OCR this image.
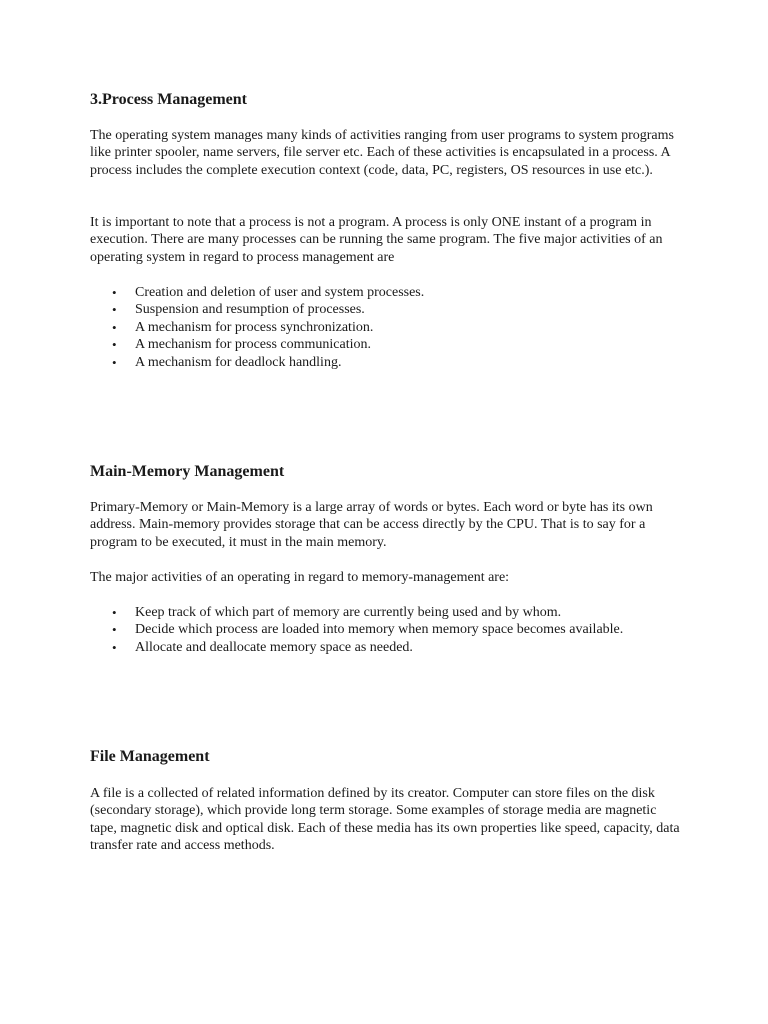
3.Process Management

The operating system manages many kinds of activities ranging from user programs to system programs like printer spooler, name servers, file server etc. Each of these activities is encapsulated in a process. A process includes the complete execution context (code, data, PC, registers, OS resources in use etc.).

It is important to note that a process is not a program. A process is only ONE instant of a program in execution. There are many processes can be running the same program. The five major activities of an operating system in regard to process management are

• Creation and deletion of user and system processes.
• Suspension and resumption of processes.
• A mechanism for process synchronization.
• A mechanism for process communication.
• A mechanism for deadlock handling.
Main-Memory Management

Primary-Memory or Main-Memory is a large array of words or bytes. Each word or byte has its own address. Main-memory provides storage that can be access directly by the CPU. That is to say for a program to be executed, it must in the main memory.

The major activities of an operating in regard to memory-management are:

• Keep track of which part of memory are currently being used and by whom.
• Decide which process are loaded into memory when memory space becomes available.
• Allocate and deallocate memory space as needed.
File Management

A file is a collected of related information defined by its creator. Computer can store files on the disk (secondary storage), which provide long term storage. Some examples of storage media are magnetic tape, magnetic disk and optical disk. Each of these media has its own properties like speed, capacity, data transfer rate and access methods.
